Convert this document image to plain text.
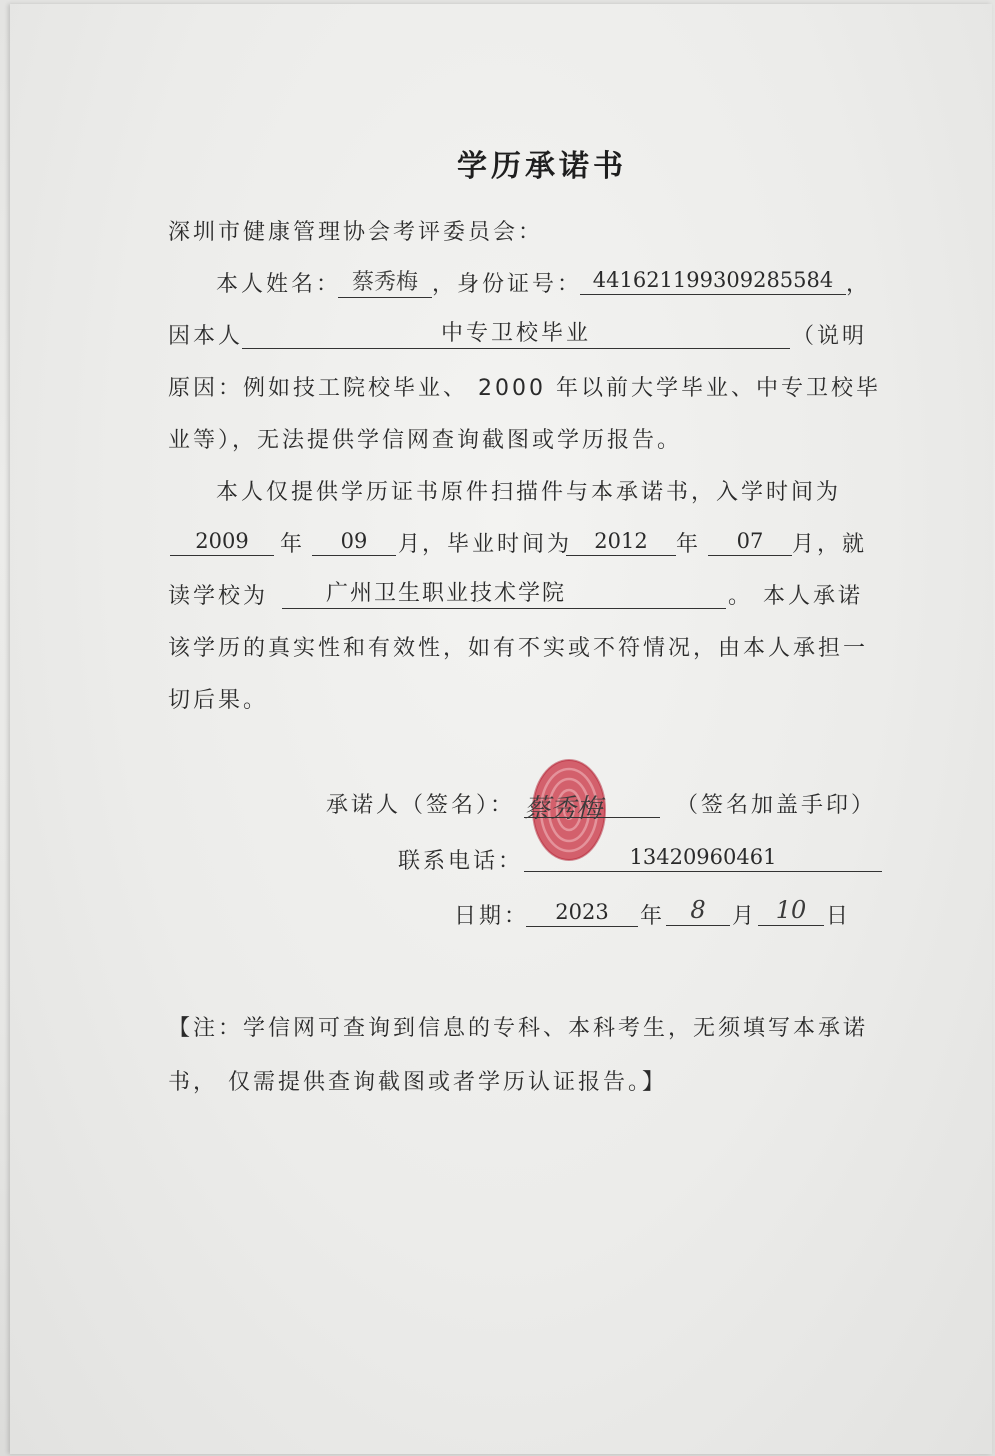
学历承诺书
深圳市健康管理协会考评委员会：
本人姓名： 蔡秀梅 ，身份证号： 441621199309285584 ，
因本人	中专卫校毕业	（说明
原因：例如技工院校毕业、 2000 年以前大学毕业、中专卫校毕
业等），无法提供学信网查询截图或学历报告。
本人仅提供学历证书原件扫描件与本承诺书，入学时间为
2009	年	09	月
，毕业时间为	2012	年	07	月，就
读学校为	广州卫生职业技术学院	。 本人承诺
该学历的真实性和有效性，如有不实或不符情况，由本人承担一
切后果。
承诺人（签名）： 蔡秀梅	（签名加盖手印）
联系电话：	13420960461
日期：	2023	年	8	月 10 日
【注：学信网可查询到信息的专科、本科考生，无须填写本承诺
书， 仅需提供查询截图或者学历认证报告。】
